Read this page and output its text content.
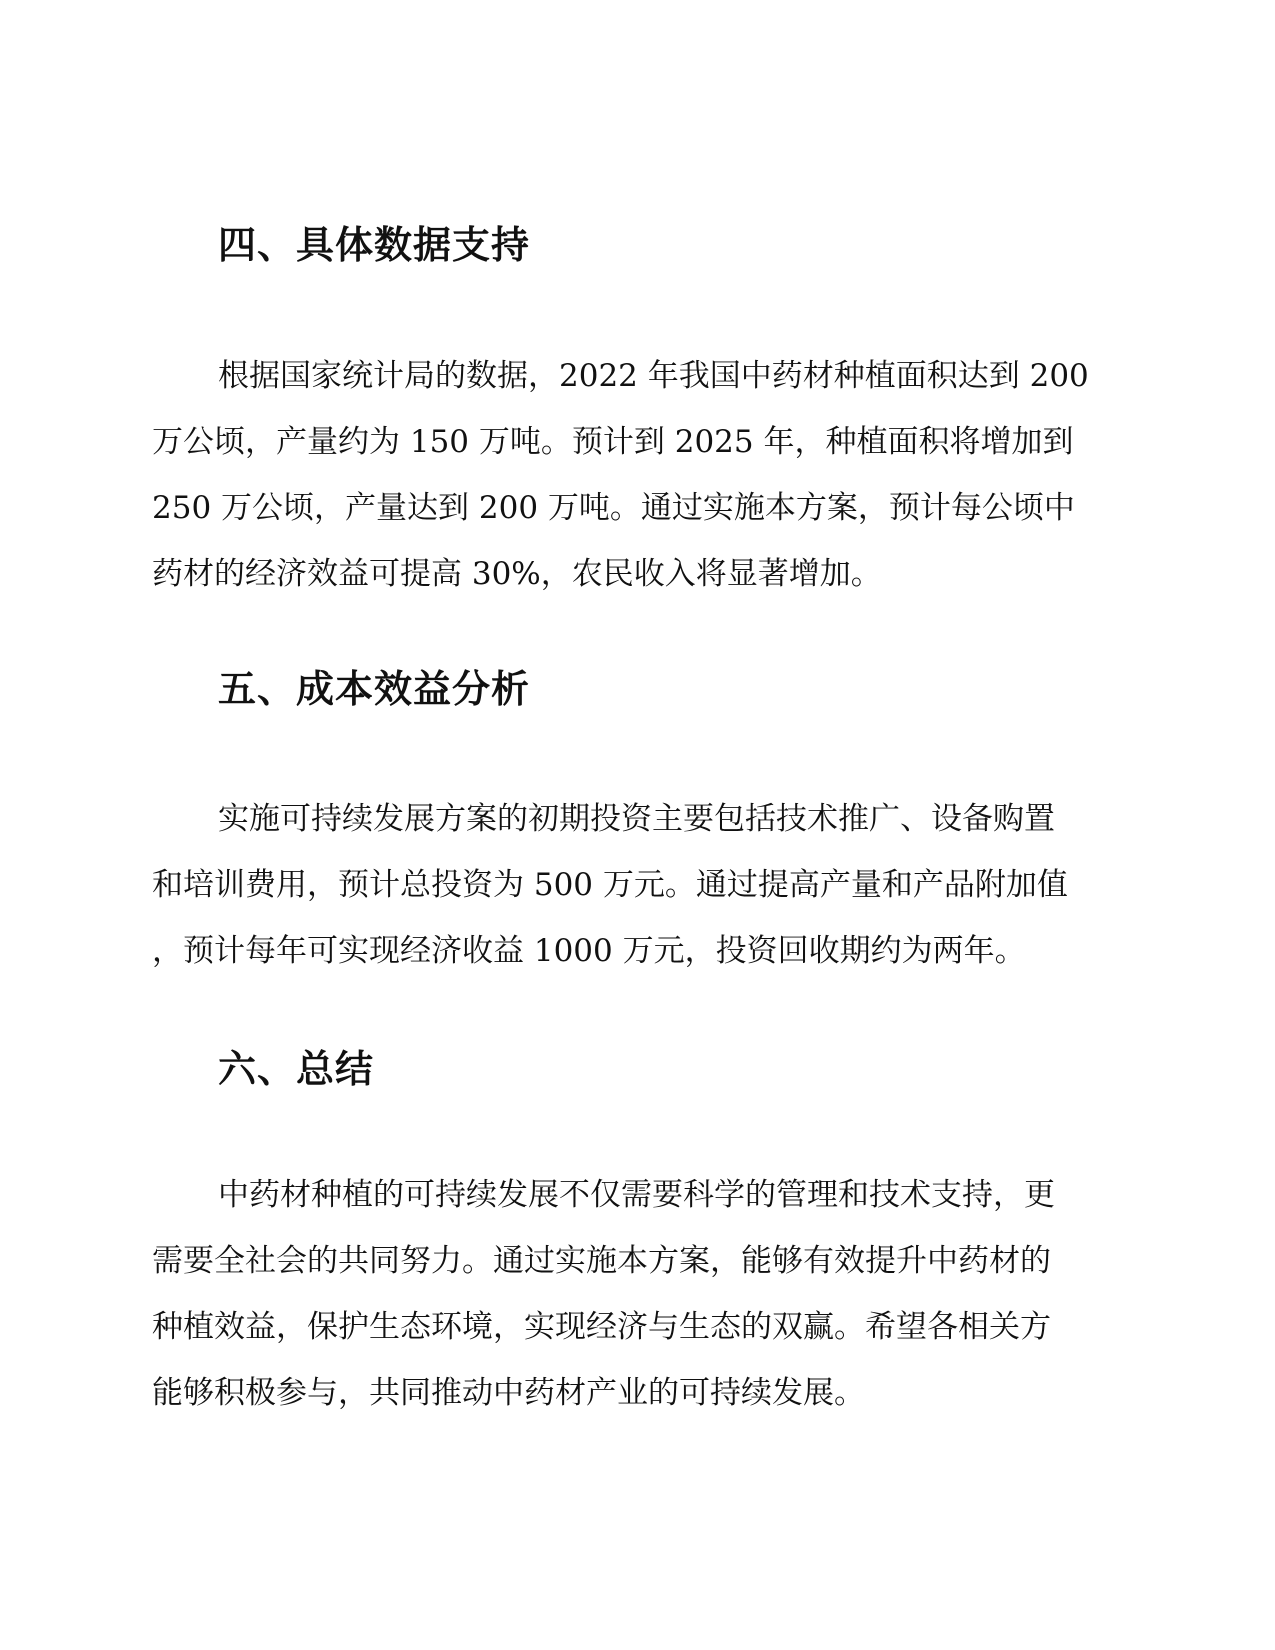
四、具体数据支持
根据国家统计局的数据，2022 年我国中药材种植面积达到 200
万公顷，产量约为 150 万吨。预计到 2025 年，种植面积将增加到
250 万公顷，产量达到 200 万吨。通过实施本方案，预计每公顷中
药材的经济效益可提高 30%，农民收入将显著增加。
五、成本效益分析
实施可持续发展方案的初期投资主要包括技术推广、设备购置
和培训费用，预计总投资为 500 万元。通过提高产量和产品附加值
，预计每年可实现经济收益 1000 万元，投资回收期约为两年。
六、总结
中药材种植的可持续发展不仅需要科学的管理和技术支持，更
需要全社会的共同努力。通过实施本方案，能够有效提升中药材的
种植效益，保护生态环境，实现经济与生态的双赢。希望各相关方
能够积极参与，共同推动中药材产业的可持续发展。
